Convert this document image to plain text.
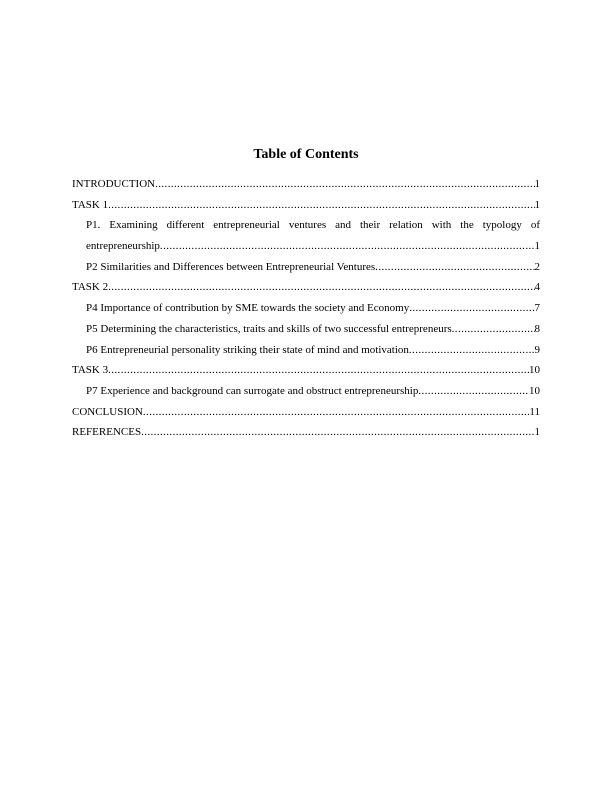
Table of Contents
INTRODUCTION .....	1
TASK 1 .....	1
P1. Examining different entrepreneurial ventures and their relation with the typology of
entrepreneurship .....	1
P2 Similarities and Differences between Entrepreneurial Ventures .....	2
TASK 2 .....	4
P4 Importance of contribution by SME towards the society and Economy .....	7
P5 Determining the characteristics, traits and skills of two successful entrepreneurs .....	8
P6 Entrepreneurial personality striking their state of mind and motivation .....	9
TASK 3 .....	10
P7 Experience and background can surrogate and obstruct entrepreneurship .....	10
CONCLUSION .....	11
REFERENCES .....	1
